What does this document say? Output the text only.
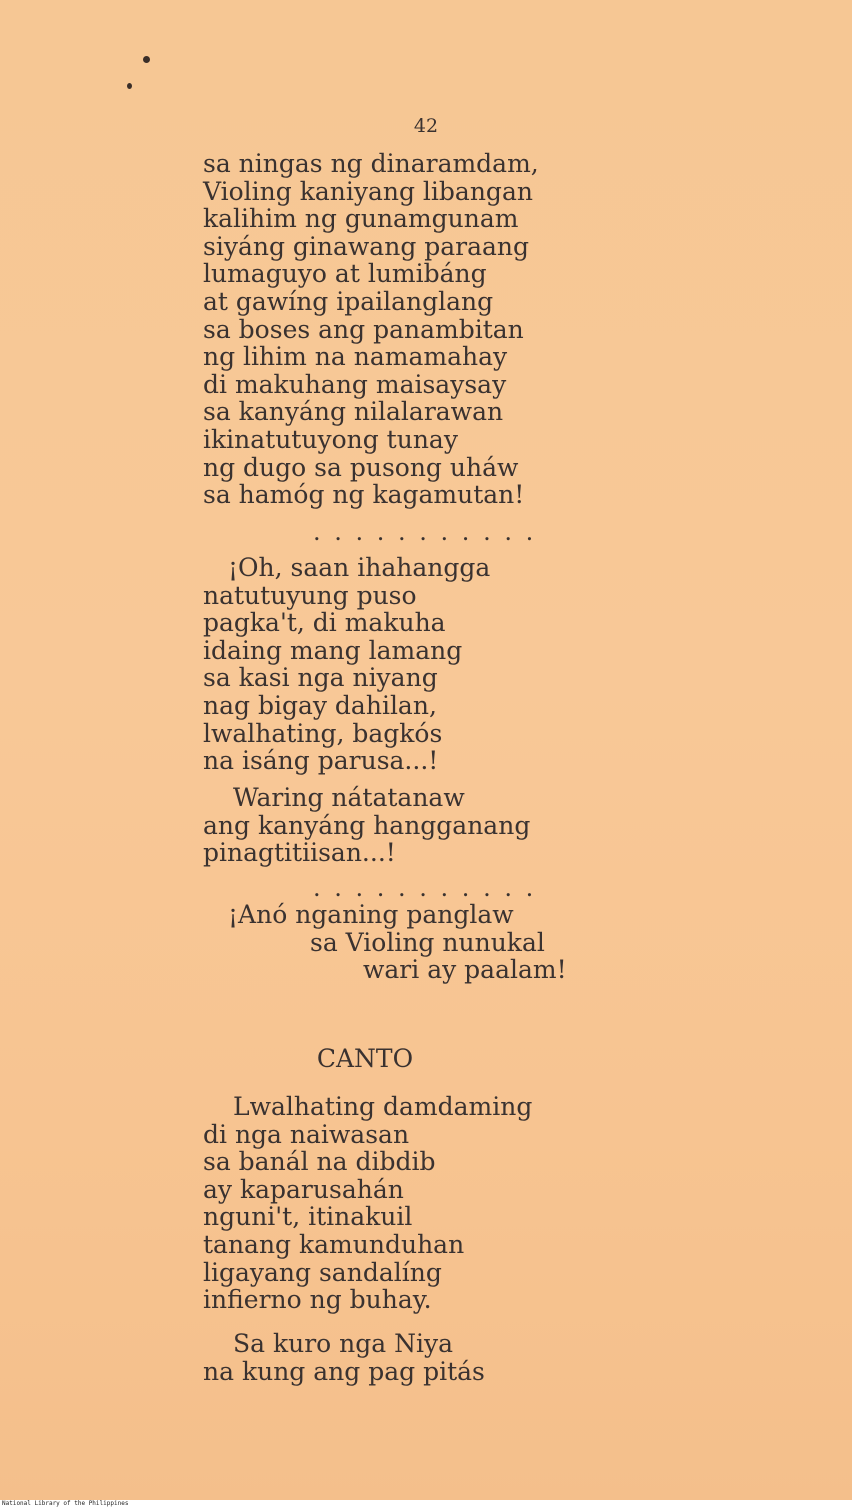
42
sa ningas ng dinaramdam,
Violing kaniyang libangan
kalihim ng gunamgunam
siyáng ginawang paraang
lumaguyo at lumibáng
at gawíng ipailanglang
sa boses ang panambitan
ng lihim na namamahay
di makuhang maisaysay
sa kanyáng nilalarawan
ikinatutuyong tunay
ng dugo sa pusong uháw
sa hamóg ng kagamutan!
. . . . . . . . . . .
¡Oh, saan ihahangga
natutuyung puso
pagka't, di makuha
idaing mang lamang
sa kasi nga niyang
nag bigay dahilan,
lwalhating, bagkós
na isáng parusa...!
Waring nátatanaw
ang kanyáng hangganang
pinagtitiisan...!
. . . . . . . . . . .
¡Anó nganing panglaw
sa Violing nunukal
wari ay paalam!
CANTO
Lwalhating damdaming
di nga naiwasan
sa banál na dibdib
ay kaparusahán
nguni't, itinakuil
tanang kamunduhan
ligayang sandalíng
infierno ng buhay.
Sa kuro nga Niya
na kung ang pag pitás
National Library of the Philippines
